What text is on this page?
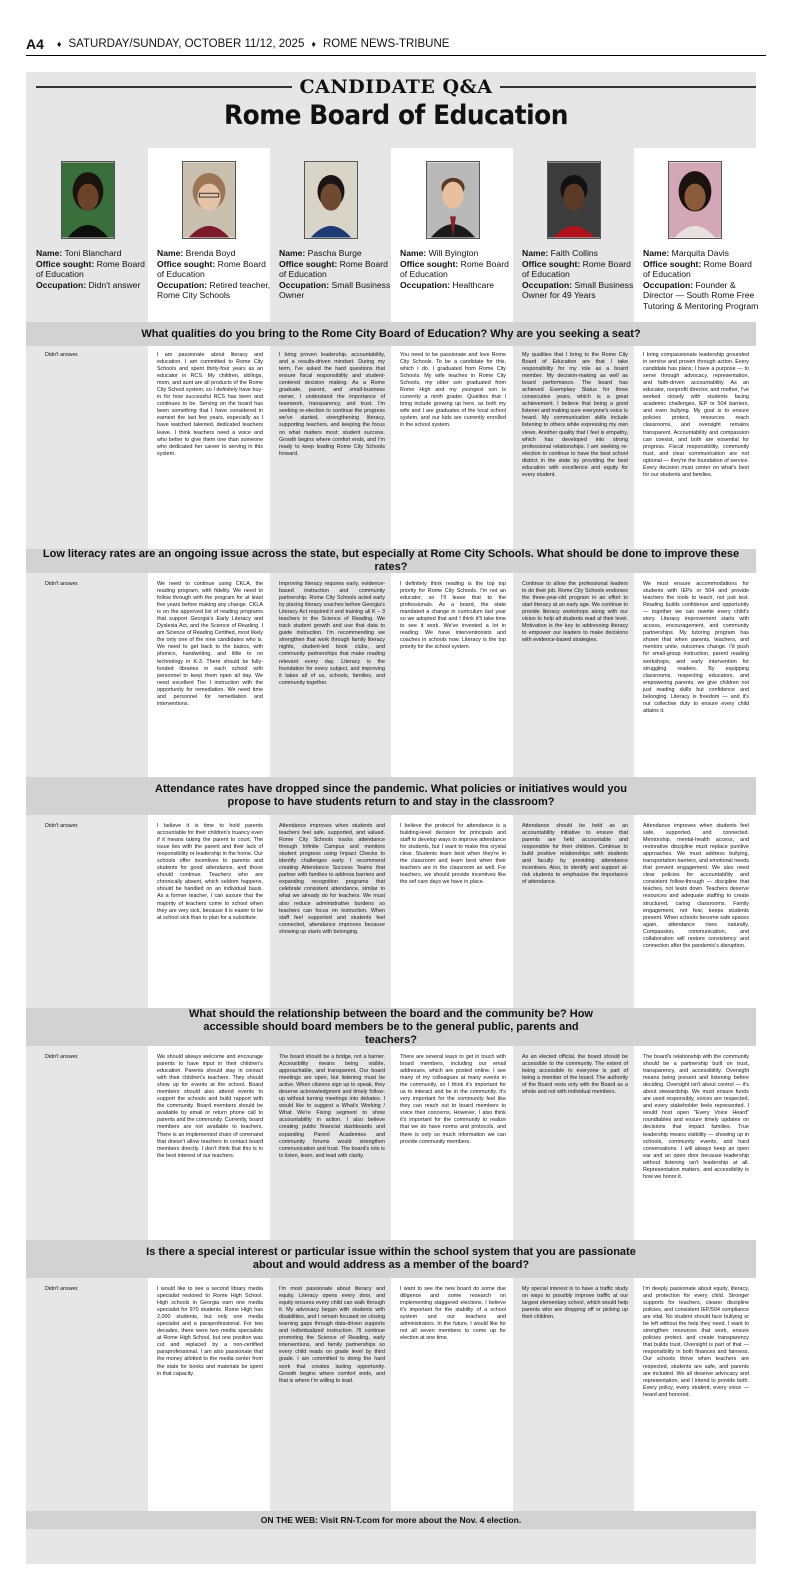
A4 ♦ SATURDAY/SUNDAY, OCTOBER 11/12, 2025 ♦ ROME NEWS-TRIBUNE
CANDIDATE Q&A
Rome Board of Education
Name: Toni Blanchard
Office sought: Rome Board of Education
Occupation: Didn't answer
Name: Brenda Boyd
Office sought: Rome Board of Education
Occupation: Retired teacher, Rome City Schools
Name: Pascha Burge
Office sought: Rome Board of Education
Occupation: Small Business Owner
Name: Will Byington
Office sought: Rome Board of Education
Occupation: Healthcare
Name: Faith Collins
Office sought: Rome Board of Education
Occupation: Small Business Owner for 49 Years
Name: Marquita Davis
Office sought: Rome Board of Education
Occupation: Founder & Director — South Rome Free Tutoring & Mentoring Program
What qualities do you bring to the Rome City Board of Education? Why are you seeking a seat?
Didn't answer.	I am passionate about literacy and education. I am committed to Rome City Schools and spent thirty-four years as an educator in RCS. My children, siblings, mom, and aunt are all products of the Rome City School system, so I definitely have buy-in for how successful RCS has been and continues to be. Serving on the board has been something that I have considered in earnest the last few years, especially as I have watched talented, dedicated teachers leave. I think teachers need a voice and who better to give them one than someone who dedicated her career to serving in this system.
I bring proven leadership, accountability, and a results-driven mindset. During my term, I've asked the hard questions that ensure fiscal responsibility and student-centered decision making. As a Rome graduate, parent, and small-business owner, I understand the importance of teamwork, transparency, and trust. I'm seeking re-election to continue the progress we've started, strengthening literacy, supporting teachers, and keeping the focus on what matters most: student success. Growth begins where comfort ends, and I'm ready to keep leading Rome City Schools forward.
You need to be passionate and love Rome City Schools. To be a candidate for this, which I do. I graduated from Rome City Schools. My wife teaches in Rome City Schools, my older son graduated from Rome High and my youngest son is currently a ninth grader. Qualities that I bring include growing up here, as both my wife and I are graduates of the local school system, and our kids are currently enrolled in the school system.
My qualities that I bring to the Rome City Board of Education are that I take responsibility for my role as a board member. My decision-making as well as board performance. The board has achieved Exemplary Status for three consecutive years, which is a great achievement. I believe that being a good listener and making sure everyone's voice is heard. My communication skills include listening to others while expressing my own views. Another quality that I feel is empathy, which has developed into strong professional relationships. I am seeking re-election to continue to have the best school district in the state by providing the best education with excellence and equity for every student.
I bring compassionate leadership grounded in service and proven through action. Every candidate has plans; I have a purpose — to serve through advocacy, representation, and faith-driven accountability. As an educator, nonprofit director, and mother, I've worked closely with students facing academic challenges, IEP or 504 barriers, and even bullying. My goal is to ensure policies protect, resources reach classrooms, and oversight remains transparent. Accountability and compassion can coexist, and both are essential for progress. Fiscal responsibility, community trust, and clear communication are not optional — they're the foundation of service. Every decision must center on what's best for our students and families.
Low literacy rates are an ongoing issue across the state, but especially at Rome City Schools. What should be done to improve these rates?
Didn't answer.	We need to continue using CKLA, the reading program, with fidelity. We need to follow through with the program for at least five years before making any change. CKLA is on the approved list of reading programs that support Georgia's Early Literacy and Dyslexia Act, and the Science of Reading. I am Science of Reading Certified, most likely the only one of the nine candidates who is. We need to get back to the basics, with phonics, handwriting, and little to no technology in K-3. There should be fully-funded libraries in each school with personnel to keep them open all day. We need excellent Tier I instruction with the opportunity for remediation. We need time and personnel for remediation and interventions.
Improving literacy requires early, evidence-based instruction and community partnership. Rome City Schools acted early by placing literacy coaches before Georgia's Literacy Act required it and training all K – 3 teachers in the Science of Reading. We track student growth and use that data to guide instruction. I'm recommending we strengthen that work through family literacy nights, student-led book clubs, and community partnerships that make reading relevant every day. Literacy is the foundation for every subject, and improving it takes all of us, schools, families, and community together.
I definitely think reading is the top top priority for Rome City Schools. I'm not an educator, so I'll leave that to the professionals. As a board, the state mandated a change in curriculum last year so we adopted that and I think it'll take time to see it work. We've invested a lot in reading. We have interventionists and coaches in schools now. Literacy is the top priority for the school system.
Continue to allow the professional leaders to do their job. Rome City Schools endorses the three-year-old program in an effort to start literacy at an early age. We continue to provide literacy workshops along with our vision to help all students read at their level. Motivation is the key to addressing literacy to empower our leaders to make decisions with evidence-based strategies.
We must ensure accommodations for students with IEPs or 504 and provide teachers the tools to teach, not just test. Reading builds confidence and opportunity — together we can rewrite every child's story. Literacy improvement starts with access, encouragement, and community partnerships. My tutoring program has shown that when parents, teachers, and mentors unite, outcomes change. I'd push for small-group instruction, parent reading workshops, and early intervention for struggling readers. By equipping classrooms, respecting educators, and empowering parents, we give children not just reading skills but confidence and belonging. Literacy is freedom — and it's our collective duty to ensure every child attains it.
Attendance rates have dropped since the pandemic. What policies or initiatives would you propose to have students return to and stay in the classroom?
Didn't answer.	I believe it is time to hold parents accountable for their children's truancy even if it means taking the parent to court. The issue lies with the parent and their lack of responsibility or leadership in the home. Our schools offer incentives to parents and students for good attendance, and those should continue. Teachers who are chronically absent, which seldom happens, should be handled on an individual basis. As a former teacher, I can assure that the majority of teachers come to school when they are very sick, because it is easier to be at school sick than to plan for a substitute.
Attendance improves when students and teachers feel safe, supported, and valued. Rome City Schools tracks attendance through Infinite Campus and monitors student progress using Impact Checks to identify challenges early. I recommend creating Attendance Success Teams that partner with families to address barriers and expanding recognition programs that celebrate consistent attendance, similar to what we already do for teachers. We must also reduce administrative burdens so teachers can focus on instruction. When staff feel supported and students feel connected, attendance improves because showing up starts with belonging.
I believe the protocol for attendance is a building-level decision for principals and staff to develop ways to improve attendance for students, but I want to make this crystal clear. Students learn best when they're in the classroom and learn best when their teachers are in the classroom as well. For teachers, we should provide incentives like the sef care days we have in place.
Attendance should be held as an accountability initiative to ensure that parents are held accountable and responsible for their children. Continue to build positive relationships with students and faculty by providing attendance incentives. Also, to identify and support at-risk students to emphasize the importance of attendance.
Attendance improves when students feel safe, supported, and connected. Mentorship, mental-health access, and restorative discipline must replace punitive approaches. We must address bullying, transportation barriers, and emotional needs that prevent engagement. We also need clear policies for accountability and consistent follow-through — discipline that teaches, not tears down. Teachers deserve resources and adequate staffing to create structured, caring classrooms. Family engagement, not fear, keeps students present. When schools become safe spaces again, attendance rises naturally. Compassion, communication, and collaboration will restore consistency and connection after the pandemic's disruption.
What should the relationship between the board and the community be? How accessible should board members be to the general public, parents and teachers?
Didn't answer.	We should always welcome and encourage parents to have input in their children's education. Parents should stay in contact with their children's teachers. They should show up for events at the school. Board members should also attend events to support the schools and build rapport with the community. Board members should be available by email or return phone call to parents and the community. Currently, board members are not available to teachers. There is an implemented chain of command that doesn't allow teachers to contact board members directly. I don't think that this is in the best interest of our teachers.
The board should be a bridge, not a barrier. Accessibility means being visible, approachable, and transparent. Our board meetings are open, but listening must be active. When citizens sign up to speak, they deserve acknowledgment and timely follow-up without turning meetings into debates. I would like to suggest a What's Working / What We're Fixing segment to show accountability in action. I also believe creating public financial dashboards and expanding Parent Academies and community forums would strengthen communication and trust. The board's role is to listen, learn, and lead with clarity.
There are several ways to get in touch with board members, including our email addresses, which are posted online. I see many of my colleagues at many events in the community, so I think it's important for us to interact and be in the community. It's very important for the community feel like they can reach out to board members to voice their concerns. However, I also think it's important for the community to realize that we do have norms and protocols, and there is only so much information we can provide community members.
As an elected official, the board should be accessible to the community. The extent of being accessible to everyone is part of being a member of the board. The authority of the Board rests only with the Board as a whole and not with individual members.
The board's relationship with the community should be a partnership built on trust, transparency, and accessibility. Oversight means being present and listening before deciding. Oversight isn't about control — it's about stewardship. We must ensure funds are used responsibly, voices are respected, and every stakeholder feels represented. I would host open "Every Voice Heard" roundtables and ensure timely updates on decisions that impact families. True leadership means visibility — showing up in schools, community events, and hard conversations. I will always keep an open ear and an open door because leadership without listening isn't leadership at all. Representation matters, and accessibility is how we honor it.
Is there a special interest or particular issue within the school system that you are passionate about and would address as a member of the board?
Didn't answer.	I would like to see a second library media specialist restored to Rome High School. High schools in Georgia earn one media specialist for 970 students. Rome High has 2,000 students, but only one media specialist and a paraprofessional. For two decades, there were two media specialists at Rome High School, but one position was cut and replaced by a non-certified paraprofessional. I am also passionate that the money allotted to the media center from the state for books and materials be spent in that capacity.
I'm most passionate about literacy and equity. Literacy opens every door, and equity ensures every child can walk through it. My advocacy began with students with disabilities, and I remain focused on closing learning gaps through data-driven supports and individualized instruction. I'll continue promoting the Science of Reading, early interventions, and family partnerships so every child reads on grade level by third grade. I am committed to doing the hard work that creates lasting opportunity. Growth begins where comfort ends, and that is where I'm willing to lead.
I want to see the new board do some due diligence and some research on implementing staggered elections. I believe it's important for the stability of a school system and our teachers and administrators. In the future, I would like for not all seven members to come up for election at one time.
My special interest is to have a traffic study on ways to possibly improve traffic at our largest elementary school, which would help parents who are dropping off or picking up their children.
I'm deeply passionate about equity, literacy, and protection for every child. Stronger supports for teachers, clearer discipline policies, and consistent IEP/504 compliance are vital. No student should face bullying or be left without the help they need. I want to strengthen resources that work, ensure policies protect, and create transparency that builds trust. Oversight is part of that — responsibility in both finances and fairness. Our schools thrive when teachers are respected, students are safe, and parents are included. We all deserve advocacy and representation, and I intend to provide both. Every policy, every student, every voice — heard and honored.
ON THE WEB: Visit RN-T.com for more about the Nov. 4 election.
